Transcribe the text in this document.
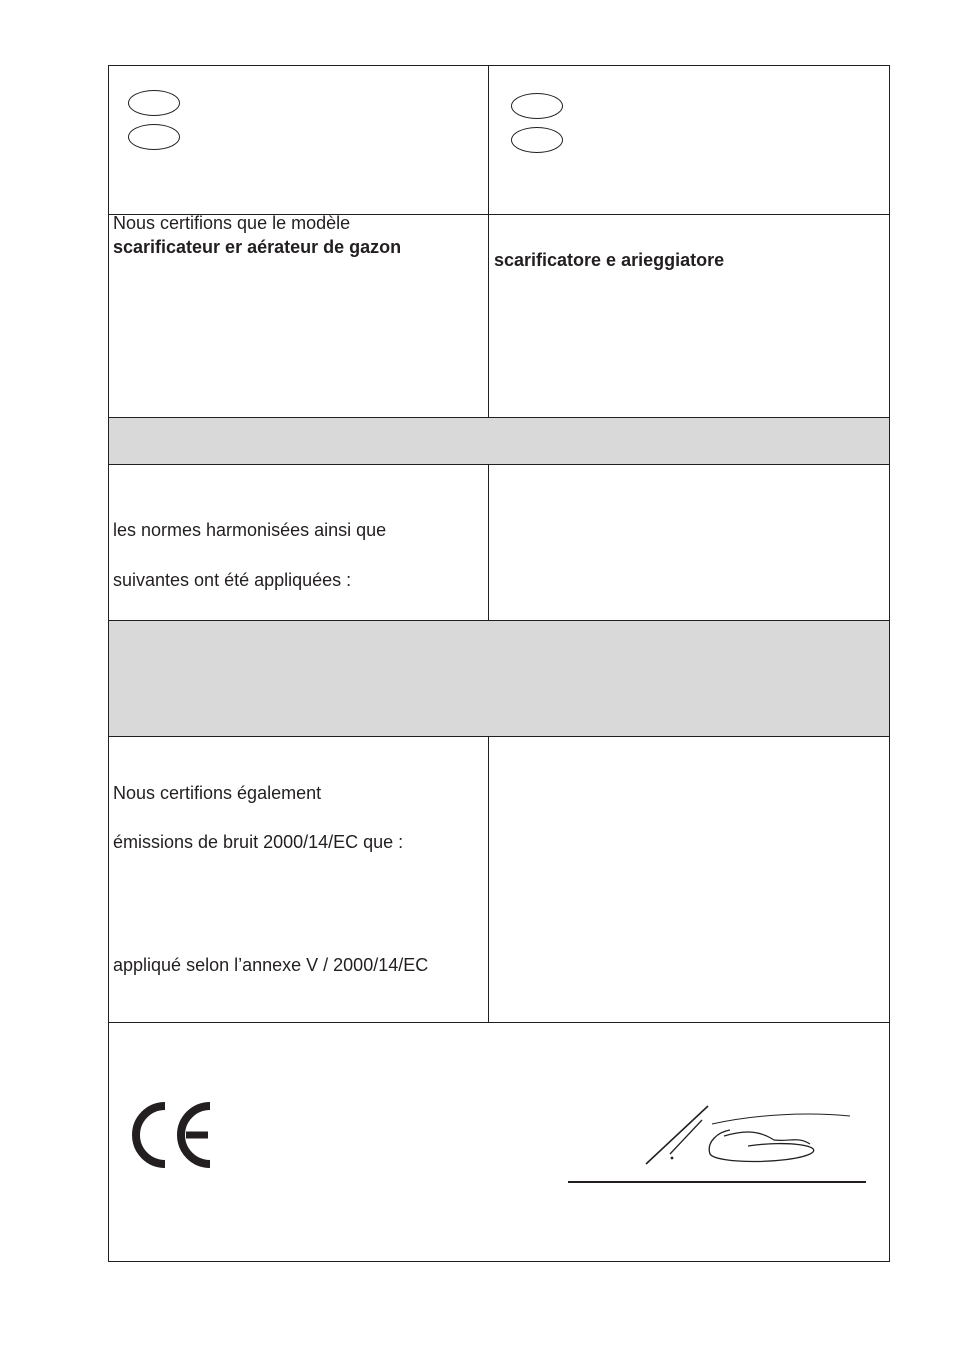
Nous certifions que le modèle
scarificateur er aérateur de gazon
les normes harmonisées ainsi que
suivantes ont été appliquées :
Nous certifions également
émissions de bruit 2000/14/EC que :
appliqué selon l’annexe V / 2000/14/EC
scarificatore e arieggiatore
